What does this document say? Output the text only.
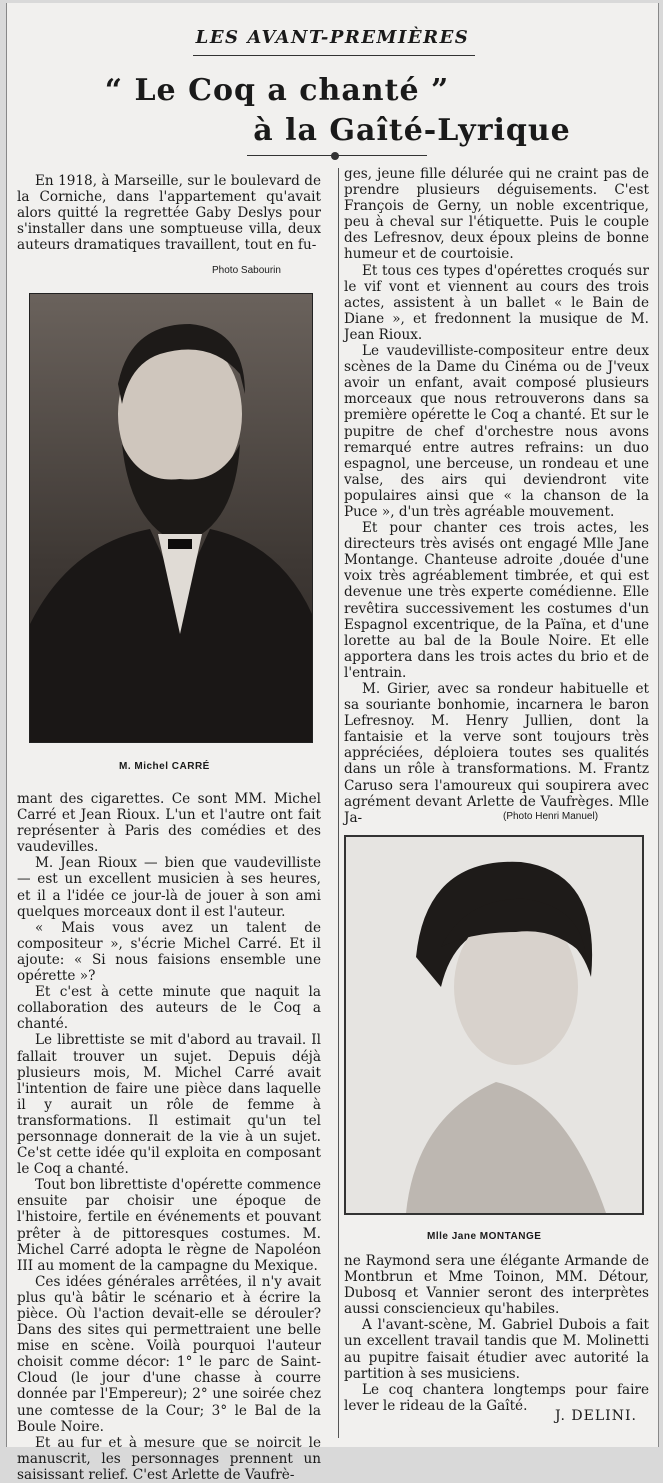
LES AVANT-PREMIÈRES
“ Le Coq a chanté ”
à la Gaîté-Lyrique

En 1918, à Marseille, sur le boulevard de la Corniche, dans l'appartement qu'avait alors quitté la regrettée Gaby Deslys pour s'installer dans une somptueuse villa, deux auteurs dramatiques travaillent, tout en fu-

Photo Sabourin
M. Michel CARRÉ

mant des cigarettes. Ce sont MM. Michel Carré et Jean Rioux. L'un et l'autre ont fait représenter à Paris des comédies et des vaudevilles.

M. Jean Rioux — bien que vaudevilliste — est un excellent musicien à ses heures, et il a l'idée ce jour-là de jouer à son ami quelques morceaux dont il est l'auteur.

« Mais vous avez un talent de compositeur », s'écrie Michel Carré. Et il ajoute: « Si nous faisions ensemble une opérette »?

Et c'est à cette minute que naquit la collaboration des auteurs de le Coq a chanté.

Le librettiste se mit d'abord au travail. Il fallait trouver un sujet. Depuis déjà plusieurs mois, M. Michel Carré avait l'intention de faire une pièce dans laquelle il y aurait un rôle de femme à transformations. Il estimait qu'un tel personnage donnerait de la vie à un sujet. Ce'st cette idée qu'il exploita en composant le Coq a chanté.

Tout bon librettiste d'opérette commence ensuite par choisir une époque de l'histoire, fertile en événements et pouvant prêter à de pittoresques costumes. M. Michel Carré adopta le règne de Napoléon III au moment de la campagne du Mexique.

Ces idées générales arrêtées, il n'y avait plus qu'à bâtir le scénario et à écrire la pièce. Où l'action devait-elle se dérouler? Dans des sites qui permettraient une belle mise en scène. Voilà pourquoi l'auteur choisit comme décor: 1° le parc de Saint-Cloud (le jour d'une chasse à courre donnée par l'Empereur); 2° une soirée chez une comtesse de la Cour; 3° le Bal de la Boule Noire.

Et au fur et à mesure que se noircit le manuscrit, les personnages prennent un saisissant relief. C'est Arlette de Vaufrè-

ges, jeune fille délurée qui ne craint pas de prendre plusieurs déguisements. C'est François de Gerny, un noble excentrique, peu à cheval sur l'étiquette. Puis le couple des Lefresnov, deux époux pleins de bonne humeur et de courtoisie.

Et tous ces types d'opérettes croqués sur le vif vont et viennent au cours des trois actes, assistent à un ballet « le Bain de Diane », et fredonnent la musique de M. Jean Rioux.

Le vaudevilliste-compositeur entre deux scènes de la Dame du Cinéma ou de J'veux avoir un enfant, avait composé plusieurs morceaux que nous retrouverons dans sa première opérette le Coq a chanté. Et sur le pupitre de chef d'orchestre nous avons remarqué entre autres refrains: un duo espagnol, une berceuse, un rondeau et une valse, des airs qui deviendront vite populaires ainsi que « la chanson de la Puce », d'un très agréable mouvement.

Et pour chanter ces trois actes, les directeurs très avisés ont engagé Mlle Jane Montange. Chanteuse adroite ,douée d'une voix très agréablement timbrée, et qui est devenue une très experte comédienne. Elle revêtira successivement les costumes d'un Espagnol excentrique, de la Païna, et d'une lorette au bal de la Boule Noire. Et elle apportera dans les trois actes du brio et de l'entrain.

M. Girier, avec sa rondeur habituelle et sa souriante bonhomie, incarnera le baron Lefresnoy. M. Henry Jullien, dont la fantaisie et la verve sont toujours très appréciées, déploiera toutes ses qualités dans un rôle à transformations. M. Frantz Caruso sera l'amoureux qui soupirera avec agrément devant Arlette de Vaufrèges. Mlle Ja-	(Photo Henri Manuel)
Mlle Jane MONTANGE

ne Raymond sera une élégante Armande de Montbrun et Mme Toinon, MM. Détour, Dubosq et Vannier seront des interprètes aussi consciencieux qu'habiles.

A l'avant-scène, M. Gabriel Dubois a fait un excellent travail tandis que M. Molinetti au pupitre faisait étudier avec autorité la partition à ses musiciens.

Le coq chantera longtemps pour faire lever le rideau de la Gaîté.

J. DELINI.
